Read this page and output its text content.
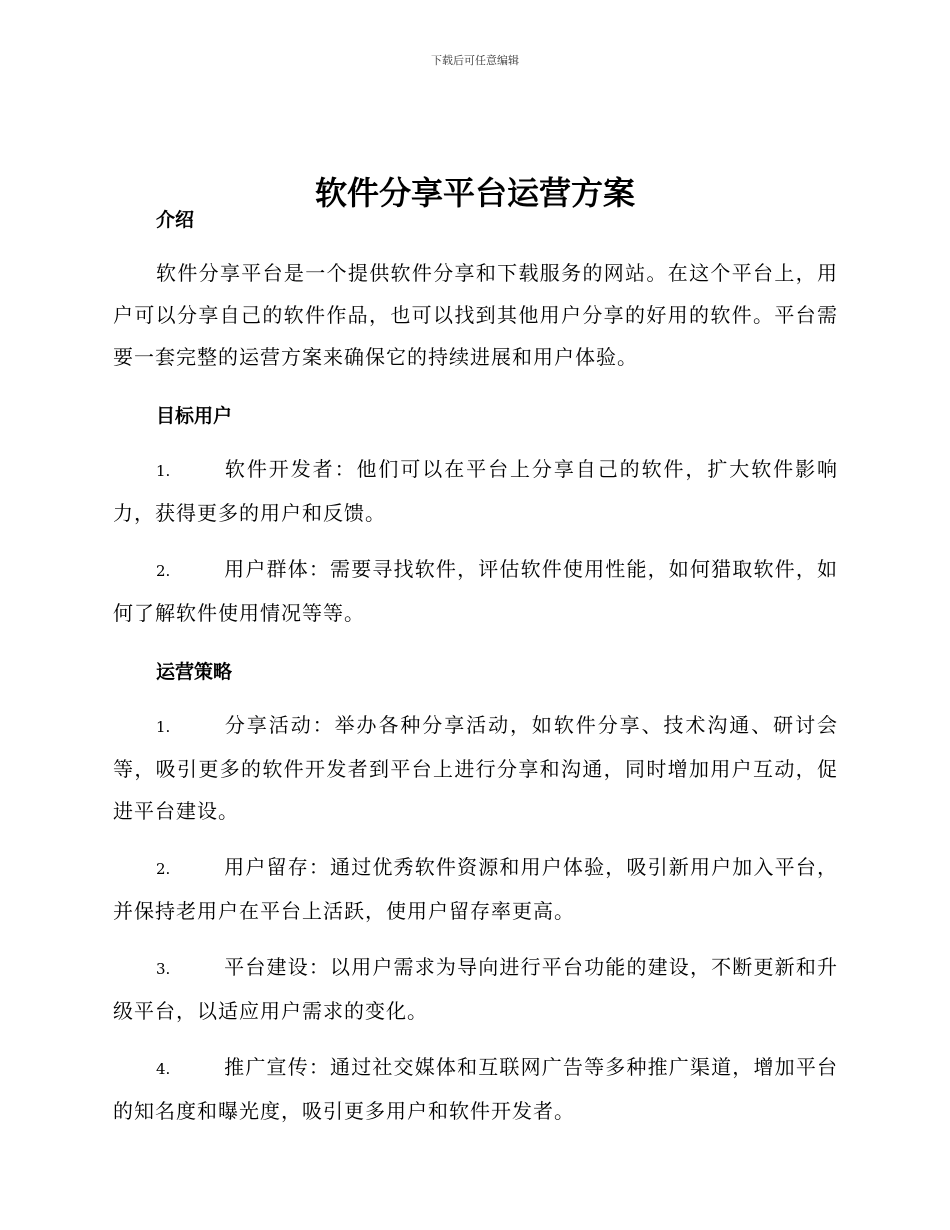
下载后可任意编辑
软件分享平台运营方案
介绍

软件分享平台是一个提供软件分享和下载服务的网站。在这个平台上，用户可以分享自己的软件作品，也可以找到其他用户分享的好用的软件。平台需要一套完整的运营方案来确保它的持续进展和用户体验。

目标用户

1.	软件开发者：他们可以在平台上分享自己的软件，扩大软件影响力，获得更多的用户和反馈。

2.	用户群体：需要寻找软件，评估软件使用性能，如何猎取软件，如何了解软件使用情况等等。

运营策略

1.	分享活动：举办各种分享活动，如软件分享、技术沟通、研讨会等，吸引更多的软件开发者到平台上进行分享和沟通，同时增加用户互动，促进平台建设。

2.	用户留存：通过优秀软件资源和用户体验，吸引新用户加入平台，并保持老用户在平台上活跃，使用户留存率更高。

3.	平台建设：以用户需求为导向进行平台功能的建设，不断更新和升级平台，以适应用户需求的变化。

4.	推广宣传：通过社交媒体和互联网广告等多种推广渠道，增加平台的知名度和曝光度，吸引更多用户和软件开发者。
